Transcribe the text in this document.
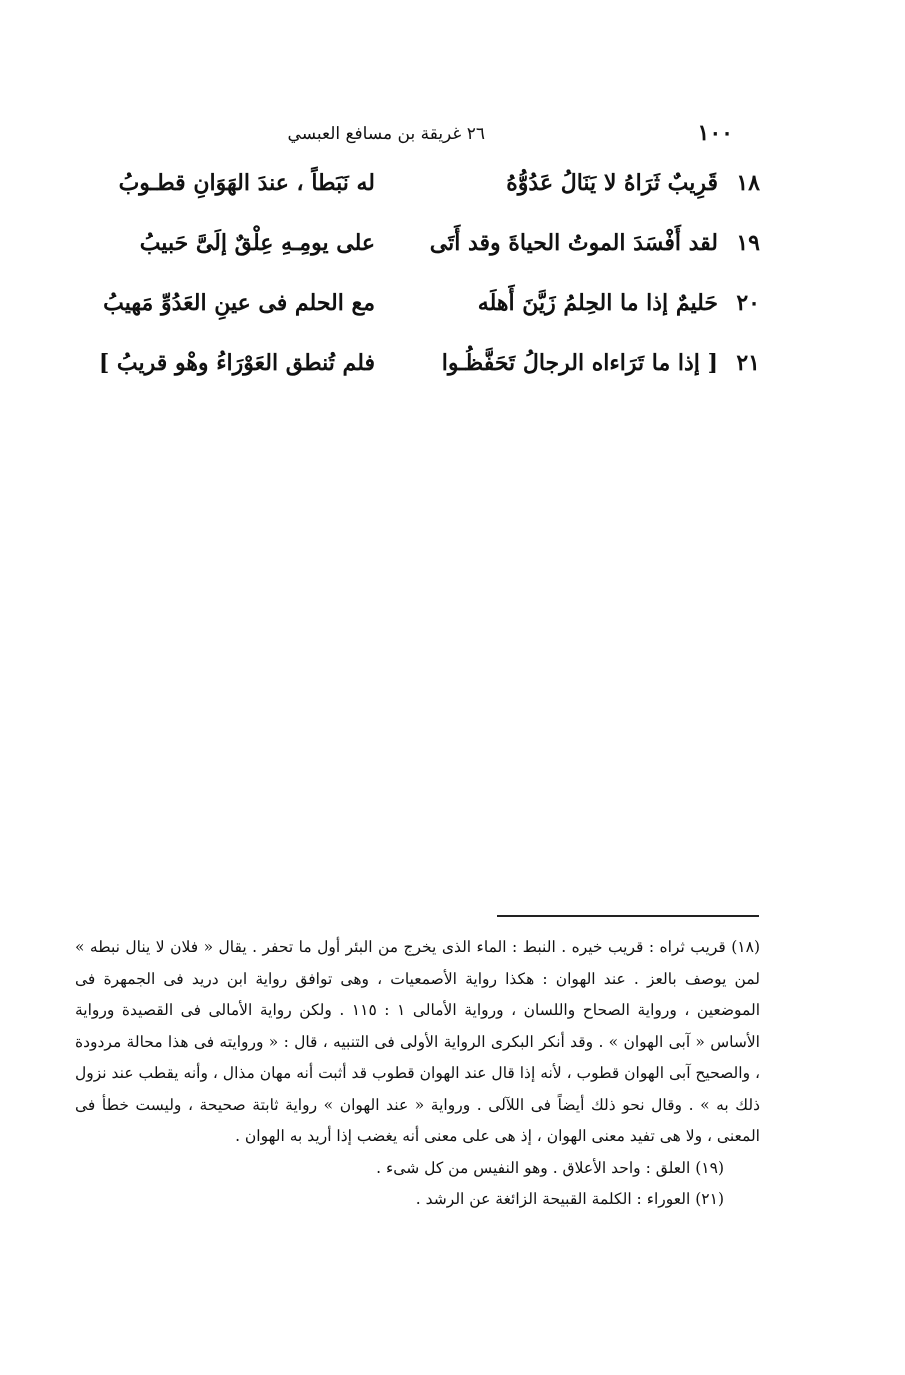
١٠٠
٢٦ غريقة بن مسافع العبسي
١٨
قَرِيبٌ ثَرَاهُ لا يَنَالُ عَدُوُّهُ
له نَبَطاً ، عندَ الهَوَانِ قطـوبُ
١٩
لقد أَفْسَدَ الموتُ الحياةَ وقد أَتَى
على يومِـهِ عِلْقٌ إلَىَّ حَبيبُ
٢٠
حَليمٌ إذا ما الحِلمُ زَيَّنَ أَهلَه
مع الحلم فى عينِ العَدُوِّ مَهيبُ
٢١
[ إذا ما تَرَاءاه الرجالُ تَحَفَّظُـوا
فلم تُنطق العَوْرَاءُ وهْو قريبُ ]

(١٨) قريب ثراه : قريب خيره . النبط : الماء الذى يخرج من البئر أول ما تحفر . يقال « فلان لا ينال نبطه » لمن يوصف بالعز . عند الهوان : هكذا رواية الأصمعيات ، وهى توافق رواية ابن دريد فى الجمهرة فى الموضعين ، ورواية الصحاح واللسان ، ورواية الأمالى ١ : ١١٥ . ولكن رواية الأمالى فى القصيدة ورواية الأساس « آبى الهوان » . وقد أنكر البكرى الرواية الأولى فى التنبيه ، قال : « وروايته فى هذا محالة مردودة ، والصحيح آبى الهوان قطوب ، لأنه إذا قال عند الهوان قطوب قد أثبت أنه مهان مذال ، وأنه يقطب عند نزول ذلك به » . وقال نحو ذلك أيضاً فى اللآلى . ورواية « عند الهوان » رواية ثابتة صحيحة ، وليست خطأ فى المعنى ، ولا هى تفيد معنى الهوان ، إذ هى على معنى أنه يغضب إذا أريد به الهوان .

(١٩) العلق : واحد الأعلاق . وهو النفيس من كل شىء .

(٢١) العوراء : الكلمة القبيحة الزائغة عن الرشد .
